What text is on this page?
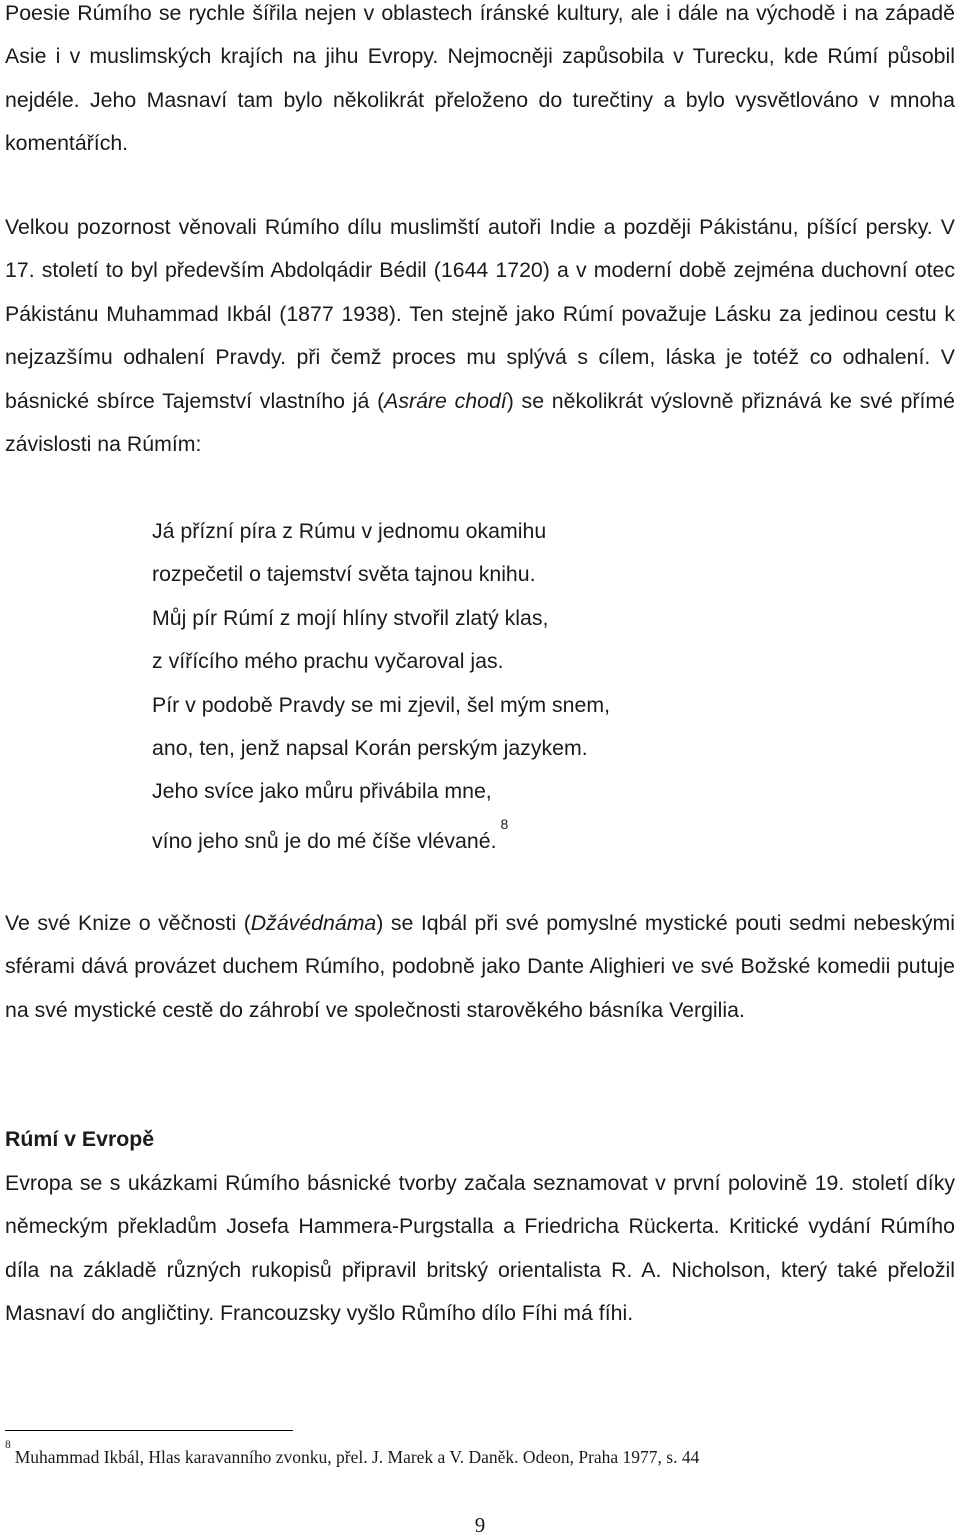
Poesie Rúmího se rychle šířila nejen v oblastech íránské kultury, ale i dále na východě i na západě Asie i v muslimských krajích na jihu Evropy. Nejmocněji zapůsobila v Turecku, kde Rúmí působil nejdéle. Jeho Masnaví tam bylo několikrát přeloženo do turečtiny a bylo vysvětlováno v mnoha komentářích.

Velkou pozornost věnovali Rúmího dílu muslimští autoři Indie a později Pákistánu, píšící persky. V 17. století to byl především Abdolqádir Bédil (1644 1720) a v moderní době zejména duchovní otec Pákistánu Muhammad Ikbál (1877 1938). Ten stejně jako Rúmí považuje Lásku za jedinou cestu k nejzazšímu odhalení Pravdy. při čemž proces mu splývá s cílem, láska je totéž co odhalení. V básnické sbírce Tajemství vlastního já (Asráre chodí) se několikrát výslovně přiznává ke své přímé závislosti na Rúmím:

Já přízní píra z Rúmu v jednomu okamihu
rozpečetil o tajemství světa tajnou knihu.
Můj pír Rúmí z mojí hlíny stvořil zlatý klas,
z vířícího mého prachu vyčaroval jas.
Pír v podobě Pravdy se mi zjevil, šel mým snem,
ano, ten, jenž napsal Korán perským jazykem.
Jeho svíce jako můru přivábila mne,
víno jeho snů je do mé číše vlévané.$^8$

Ve své Knize o věčnosti (Džávédnáma) se Iqbál při své pomyslné mystické pouti sedmi nebeskými sférami dává provázet duchem Rúmího, podobně jako Dante Alighieri ve své Božské komedii putuje na své mystické cestě do záhrobí ve společnosti starověkého básníka Vergilia.

Rúmí v Evropě

Evropa se s ukázkami Rúmího básnické tvorby začala seznamovat v první polovině 19. století díky německým překladům Josefa Hammera-Purgstalla a Friedricha Rückerta. Kritické vydání Rúmího díla na základě různých rukopisů připravil britský orientalista R. A. Nicholson, který také přeložil Masnaví do angličtiny. Francouzsky vyšlo Růmího dílo Fíhi má fíhi.

$^8$Muhammad Ikbál, Hlas karavanního zvonku, přel. J. Marek a V. Daněk. Odeon, Praha 1977, s. 44
9
